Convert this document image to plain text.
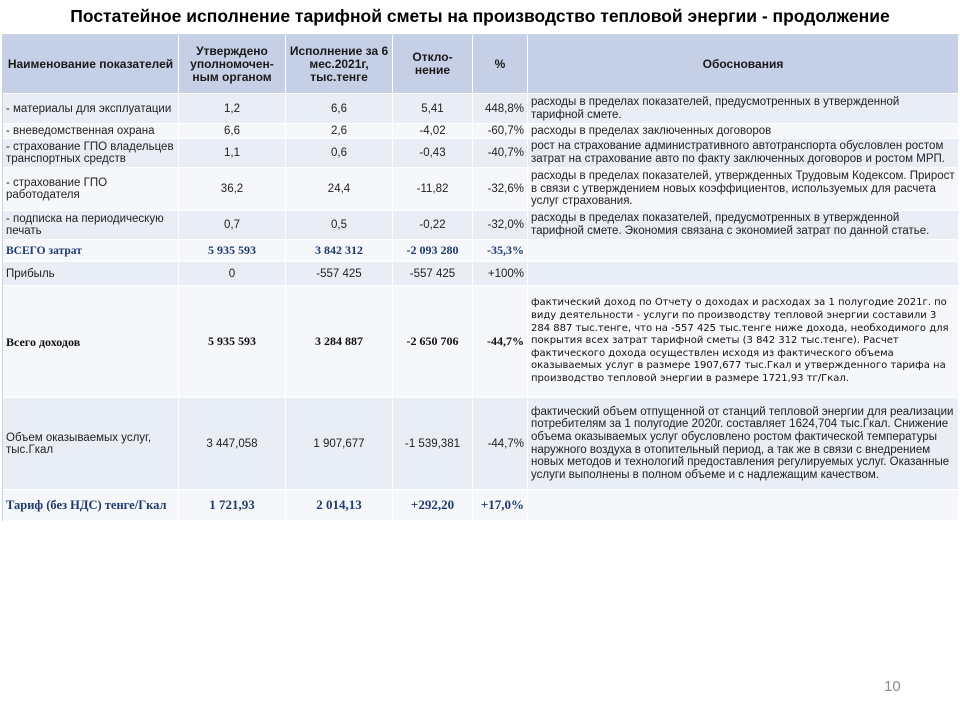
Постатейное исполнение тарифной сметы на производство тепловой энергии - продолжение
Наименование показателей	Утверждено уполномочен-ным органом	Исполнение за 6 мес.2021г, тыс.тенге	Откло-нение	%	Обоснования
- материалы для эксплуатации	1,2	6,6	5,41	448,8%	расходы в пределах показателей, предусмотренных в утвержденной тарифной смете.
- вневедомственная охрана	6,6	2,6	-4,02	-60,7%	расходы в пределах заключенных договоров
- страхование ГПО владельцев транспортных средств	1,1	0,6	-0,43	-40,7%	рост на страхование административного автотранспорта обусловлен ростом затрат на страхование авто по факту заключенных договоров и ростом МРП.
- страхование ГПО работодателя	36,2	24,4	-11,82	-32,6%	расходы в пределах показателей, утвержденных Трудовым Кодексом. Прирост в связи с утверждением новых коэффициентов, используемых для расчета услуг страхования.
- подписка на периодическую печать	0,7	0,5	-0,22	-32,0%	расходы в пределах показателей, предусмотренных в утвержденной тарифной смете. Экономия связана с экономией затрат по данной статье.
ВСЕГО затрат	5 935 593	3 842 312	-2 093 280	-35,3%	
Прибыль	0	-557 425	-557 425	+100%	
Всего доходов	5 935 593	3 284 887	-2 650 706	-44,7%	фактический доход по Отчету о доходах и расходах за 1 полугодие 2021г. по виду деятельности - услуги по производству тепловой энергии составили 3 284 887 тыс.тенге, что на -557 425 тыс.тенге ниже дохода, необходимого для покрытия всех затрат тарифной сметы (3 842 312 тыс.тенге). Расчет фактического дохода осуществлен исходя из фактического объема оказываемых услуг в размере 1907,677 тыс.Гкал и утвержденного тарифа на производство тепловой энергии в размере 1721,93 тг/Гкал.
Объем оказываемых услуг, тыс.Гкал	3 447,058	1 907,677	-1 539,381	-44,7%	фактический объем отпущенной от станций тепловой энергии для реализации потребителям за 1 полугодие 2020г. составляет 1624,704 тыс.Гкал. Снижение объема оказываемых услуг обусловлено ростом фактической температуры наружного воздуха в отопительный период, а так же в связи с внедрением новых методов и технологий предоставления регулируемых услуг. Оказанные услуги выполнены в полном объеме и с надлежащим качеством.
Тариф (без НДС) тенге/Гкал	1 721,93	2 014,13	+292,20	+17,0%	
10
